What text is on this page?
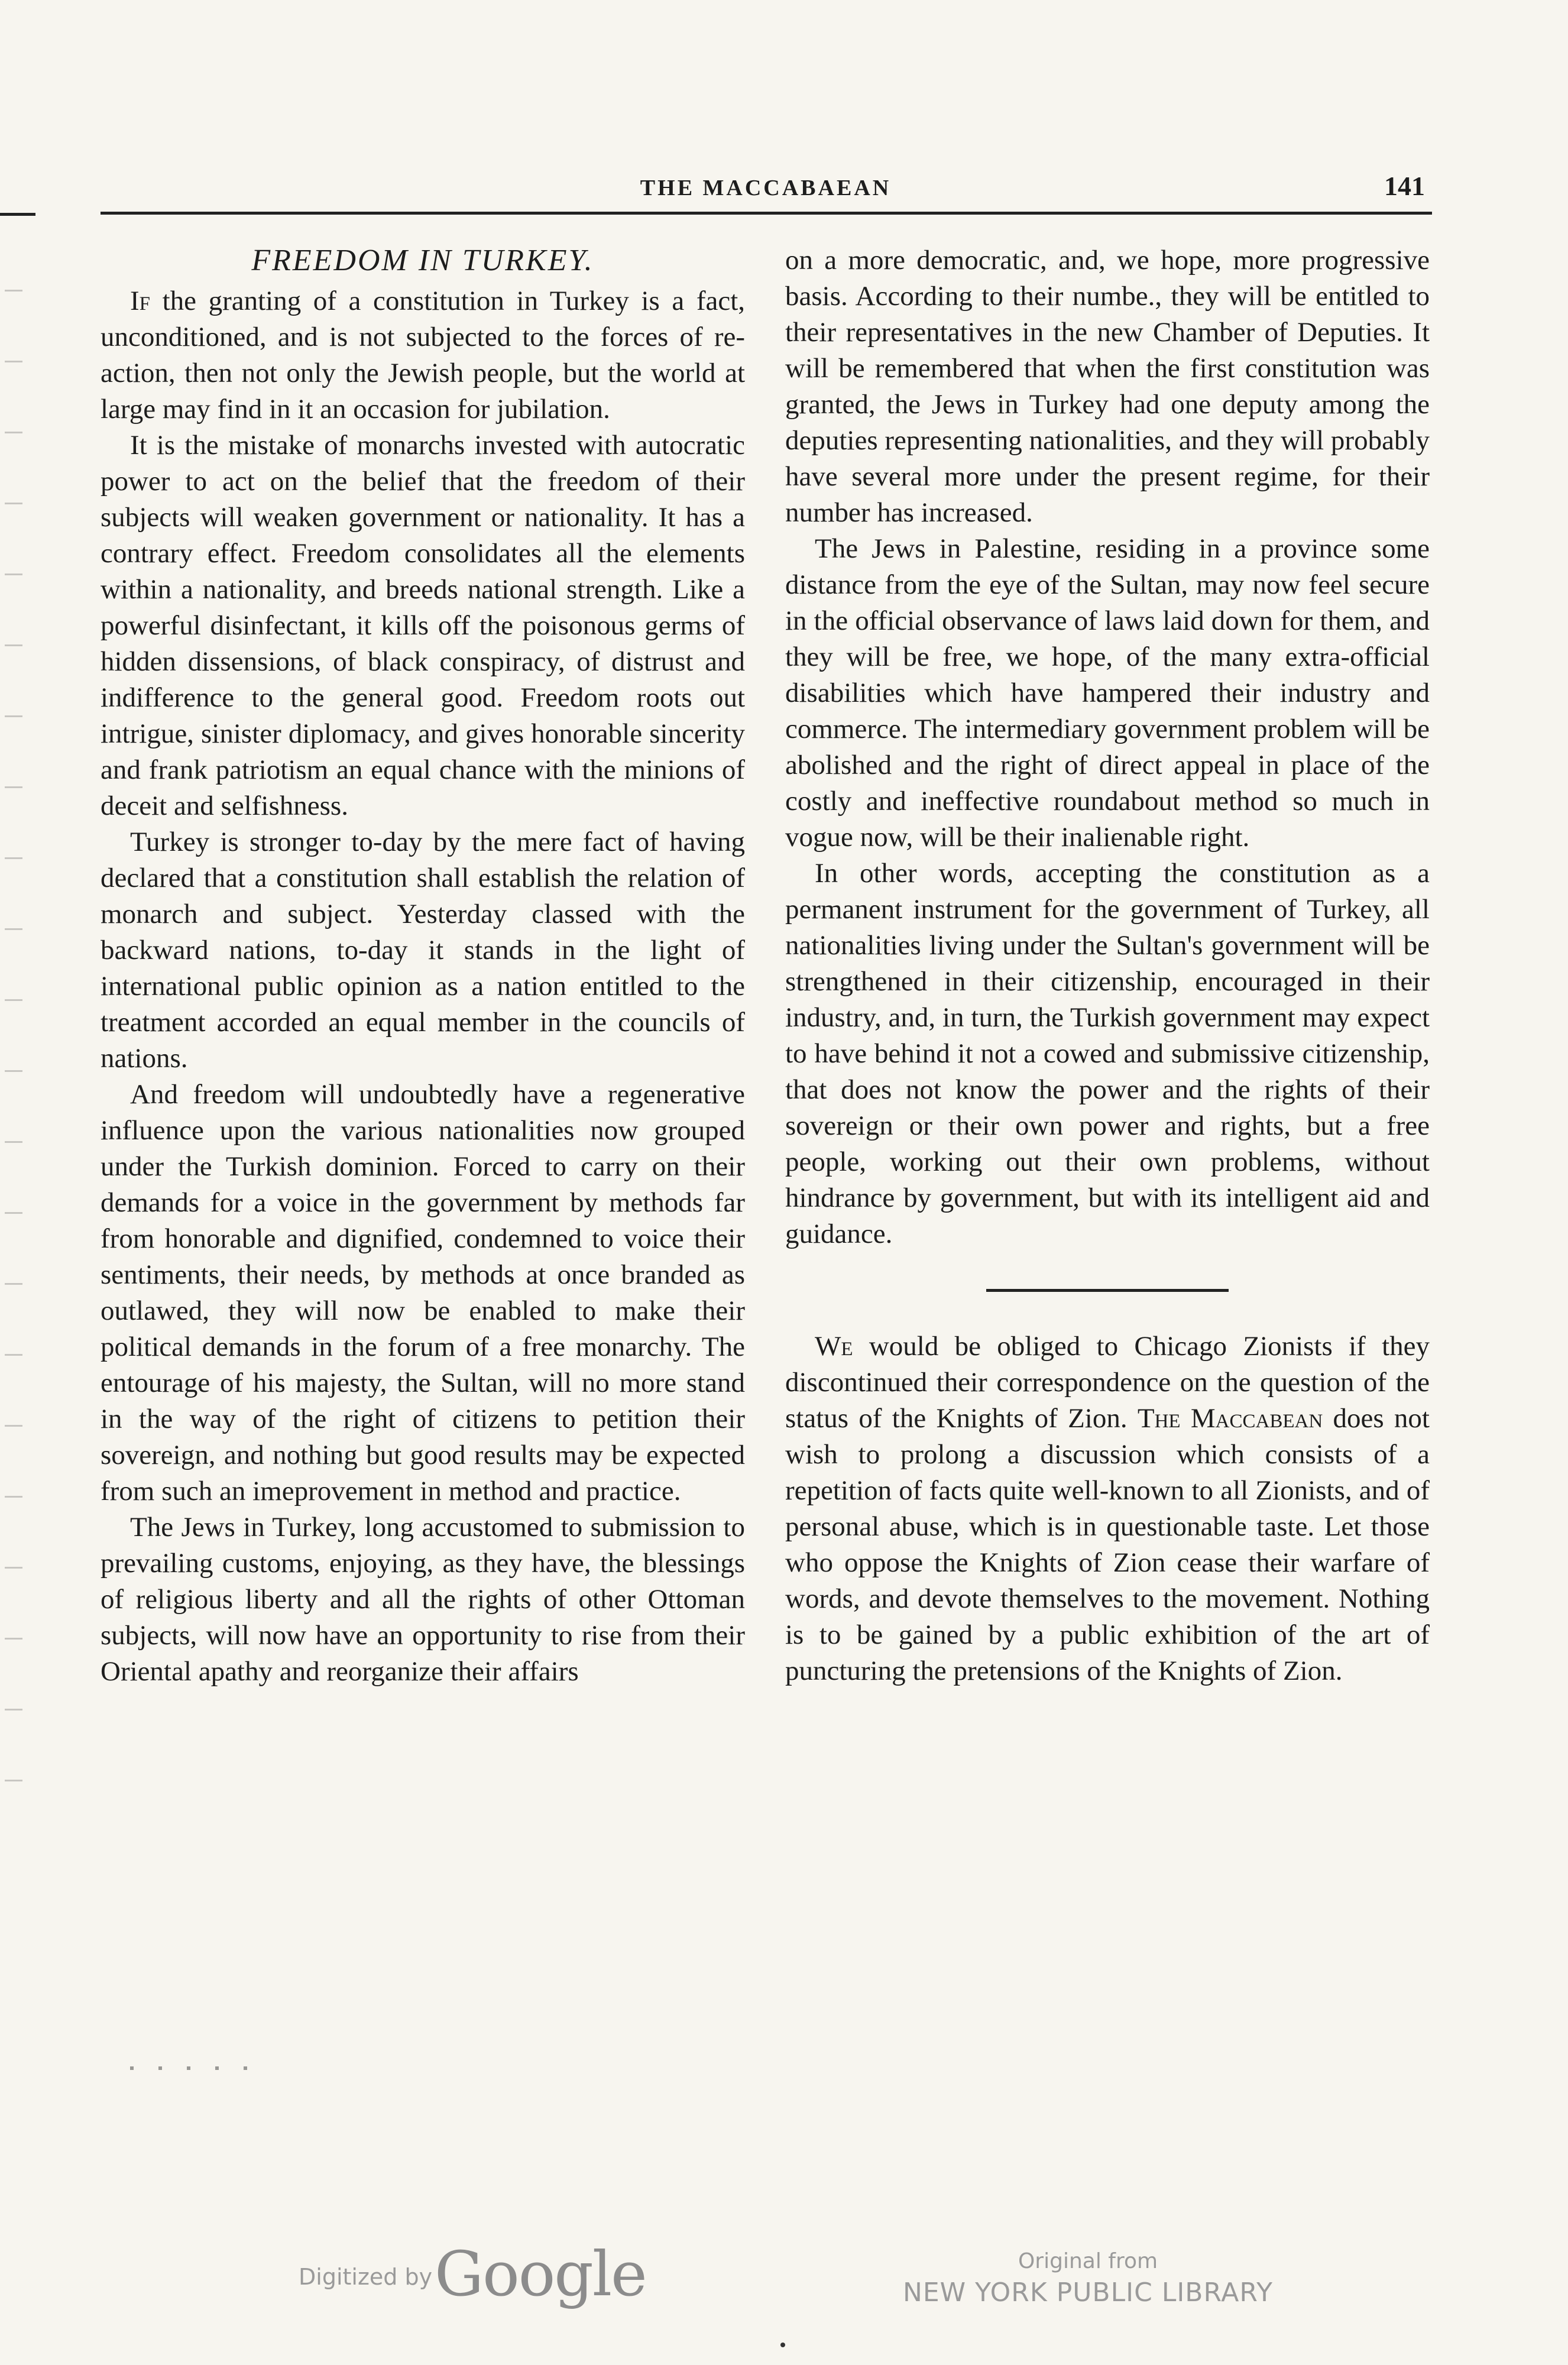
THE MACCABAEAN	141
FREEDOM IN TURKEY.

If the granting of a constitution in Turkey is a fact, unconditioned, and is not subjected to the forces of re-action, then not only the Jewish people, but the world at large may find in it an occasion for jubilation.

It is the mistake of monarchs invested with autocratic power to act on the belief that the freedom of their subjects will weaken government or nationality. It has a contrary effect. Freedom consolidates all the elements within a nationality, and breeds national strength. Like a powerful disinfectant, it kills off the poisonous germs of hidden dissensions, of black conspiracy, of distrust and indifference to the general good. Freedom roots out intrigue, sinister diplomacy, and gives honorable sincerity and frank patriotism an equal chance with the minions of deceit and selfishness.

Turkey is stronger to-day by the mere fact of having declared that a constitution shall establish the relation of monarch and subject. Yesterday classed with the backward nations, to-day it stands in the light of international public opinion as a nation entitled to the treatment accorded an equal member in the councils of nations.

And freedom will undoubtedly have a regenerative influence upon the various nationalities now grouped under the Turkish dominion. Forced to carry on their demands for a voice in the government by methods far from honorable and dignified, condemned to voice their sentiments, their needs, by methods at once branded as outlawed, they will now be enabled to make their political demands in the forum of a free monarchy. The entourage of his majesty, the Sultan, will no more stand in the way of the right of citizens to petition their sovereign, and nothing but good results may be expected from such an imeprovement in method and practice.

The Jews in Turkey, long accustomed to submission to prevailing customs, enjoying, as they have, the blessings of religious liberty and all the rights of other Ottoman subjects, will now have an opportunity to rise from their Oriental apathy and reorganize their affairs

on a more democratic, and, we hope, more progressive basis. According to their numbe., they will be entitled to their representatives in the new Chamber of Deputies. It will be remembered that when the first constitution was granted, the Jews in Turkey had one deputy among the deputies representing nationalities, and they will probably have several more under the present regime, for their number has increased.

The Jews in Palestine, residing in a province some distance from the eye of the Sultan, may now feel secure in the official observance of laws laid down for them, and they will be free, we hope, of the many extra-official disabilities which have hampered their industry and commerce. The intermediary government problem will be abolished and the right of direct appeal in place of the costly and ineffective roundabout method so much in vogue now, will be their inalienable right.

In other words, accepting the constitution as a permanent instrument for the government of Turkey, all nationalities living under the Sultan's government will be strengthened in their citizenship, encouraged in their industry, and, in turn, the Turkish government may expect to have behind it not a cowed and submissive citizenship, that does not know the power and the rights of their sovereign or their own power and rights, but a free people, working out their own problems, without hindrance by government, but with its intelligent aid and guidance.

We would be obliged to Chicago Zionists if they discontinued their correspondence on the question of the status of the Knights of Zion. The Maccabean does not wish to prolong a discussion which consists of a repetition of facts quite well-known to all Zionists, and of personal abuse, which is in questionable taste. Let those who oppose the Knights of Zion cease their warfare of words, and devote themselves to the movement. Nothing is to be gained by a public exhibition of the art of puncturing the pretensions of the Knights of Zion.

Digitized by Google	Original from
NEW YORK PUBLIC LIBRARY
